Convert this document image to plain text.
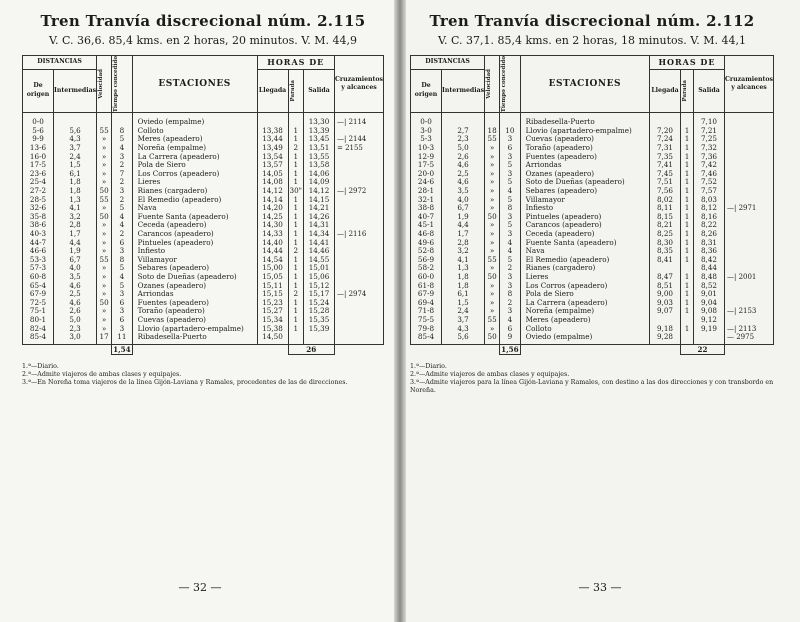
Tren Tranvía discrecional núm. 2.115
V. C. 36,6. 85,4 kms. en 2 horas, 20 minutos. V. M. 44,9
DISTANCIAS		Velocidad	Tiempo concedido	ESTACIONES	HORAS DE			Cruzamientos y alcances
De origen	Intermedias				Llegada	Parada	Salida	
0-0				Oviedo (empalme)			13,30	—| 2114
5-6	5,6	55	8	Colloto	13,38	1	13,39	
9-9	4,3	»	5	Meres (apeadero)	13,44	1	13,45	—| 2144
13-6	3,7	»	4	Noreña (empalme)	13,49	2	13,51	= 2155
16-0	2,4	»	3	La Carrera (apeadero)	13,54	1	13,55	
17-5	1,5	»	2	Pola de Siero	13,57	1	13,58	
23-6	6,1	»	7	Los Corros (apeadero)	14,05	1	14,06	
25-4	1,8	»	2	Lieres	14,08	1	14,09	
27-2	1,8	50	3	Rianes (cargadero)	14,12	30"	14,12	—| 2972
28-5	1,3	55	2	El Remedio (apeadero)	14,14	1	14,15	
32-6	4,1	»	5	Nava	14,20	1	14,21	
35-8	3,2	50	4	Fuente Santa (apeadero)	14,25	1	14,26	
38-6	2,8	»	4	Ceceda (apeadero)	14,30	1	14,31	
40-3	1,7	»	2	Carancos (apeadero)	14,33	1	14,34	—| 2116
44-7	4,4	»	6	Pintueles (apeadero)	14,40	1	14,41	
46-6	1,9	»	3	Infiesto	14,44	2	14,46	
53-3	6,7	55	8	Villamayor	14,54	1	14,55	
57-3	4,0	»	5	Sebares (apeadero)	15,00	1	15,01	
60-8	3,5	»	4	Soto de Dueñas (apeadero)	15,05	1	15,06	
65-4	4,6	»	5	Ozanes (apeadero)	15,11	1	15,12	
67-9	2,5	»	3	Arriondas	15,15	2	15,17	—| 2974
72-5	4,6	50	6	Fuentes (apeadero)	15,23	1	15,24	
75-1	2,6	»	3	Toraño (apeadero)	15,27	1	15,28	
80-1	5,0	»	6	Cuevas (apeadero)	15,34	1	15,35	
82-4	2,3	»	3	Llovio (apartadero-empalme)	15,38	1	15,39	
85-4	3,0	17	11	Ribadesella-Puerto	14,50			
			1,54			26		

1.ª—Diario.

2.ª—Admite viajeros de ambas clases y equipajes.

3.ª—En Noreña toma viajeros de la línea Gijón-Laviana y Ramales, procedentes de las de direcciones.

— 32 —
Tren Tranvía discrecional núm. 2.112
V. C. 37,1. 85,4 kms. en 2 horas, 18 minutos. V. M. 44,1
DISTANCIAS		Velocidad	Tiempo concedido	ESTACIONES	HORAS DE			Cruzamientos y alcances
De origen	Intermedias				Llegada	Parada	Salida	
0-0				Ribadesella-Puerto			7,10	
3-0	2,7	18	10	Llovio (apartadero-empalme)	7,20	1	7,21	
5-3	2,3	55	3	Cuevas (apeadero)	7,24	1	7,25	
10-3	5,0	»	6	Toraño (apeadero)	7,31	1	7,32	
12-9	2,6	»	3	Fuentes (apeadero)	7,35	1	7,36	
17-5	4,6	»	5	Arriondas	7,41	1	7,42	
20-0	2,5	»	3	Ozanes (apeadero)	7,45	1	7,46	
24-6	4,6	»	5	Soto de Dueñas (apeadero)	7,51	1	7,52	
28-1	3,5	»	4	Sebares (apeadero)	7,56	1	7,57	
32-1	4,0	»	5	Villamayor	8,02	1	8,03	
38-8	6,7	»	8	Infiesto	8,11	1	8,12	—| 2971
40-7	1,9	50	3	Pintueles (apeadero)	8,15	1	8,16	
45-1	4,4	»	5	Carancos (apeadero)	8,21	1	8,22	
46-8	1,7	»	3	Ceceda (apeadero)	8,25	1	8,26	
49-6	2,8	»	4	Fuente Santa (apeadero)	8,30	1	8,31	
52-8	3,2	»	4	Nava	8,35	1	8,36	
56-9	4,1	55	5	El Remedio (apeadero)	8,41	1	8,42	
58-2	1,3	»	2	Rianes (cargadero)			8,44	
60-0	1,8	50	3	Lieres	8,47	1	8,48	—| 2001
61-8	1,8	»	3	Los Corros (apeadero)	8,51	1	8,52	
67-9	6,1	»	8	Pola de Siero	9,00	1	9,01	
69-4	1,5	»	2	La Carrera (apeadero)	9,03	1	9,04	
71-8	2,4	»	3	Noreña (empalme)	9,07	1	9,08	—| 2153
75-5	3,7	55	4	Meres (apeadero)			9,12	
79-8	4,3	»	6	Colloto	9,18	1	9,19	—| 2113
85-4	5,6	50	9	Oviedo (empalme)	9,28			— 2975
			1,56			22		

1.ª—Diario.

2.ª—Admite viajeros de ambas clases y equipajes.

3.ª—Admite viajeros para la línea Gijón-Laviana y Ramales, con destino a las dos direcciones y con transbordo en Noreña.

— 33 —
